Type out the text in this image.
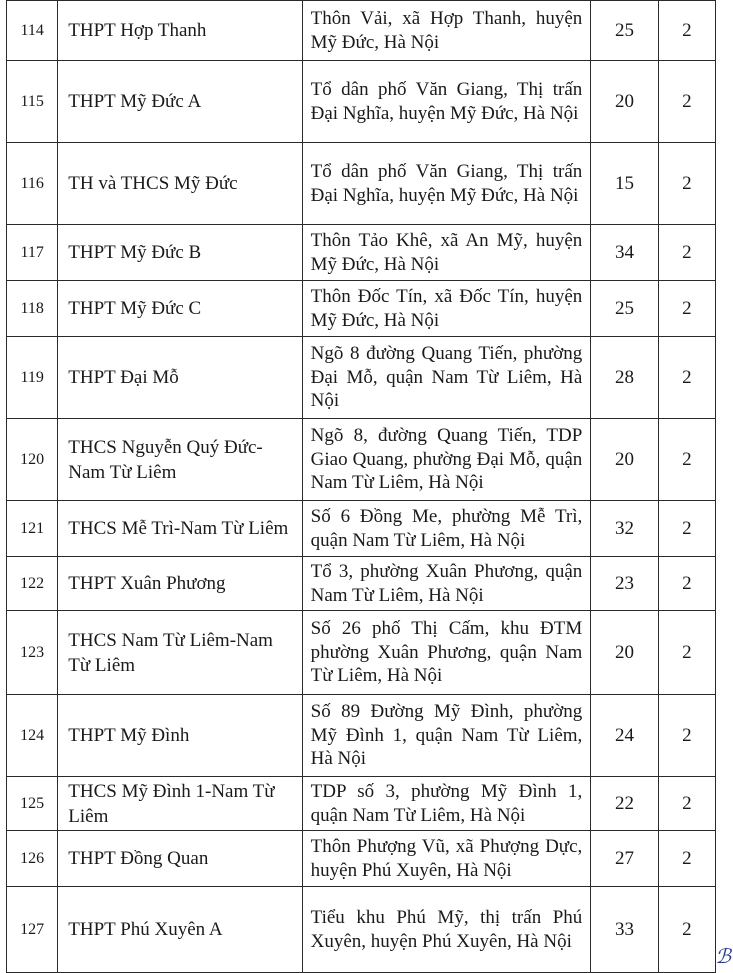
114	THPT Hợp Thanh	Thôn Vải, xã Hợp Thanh, huyện Mỹ Đức, Hà Nội	25	2
115	THPT Mỹ Đức A	Tổ dân phố Văn Giang, Thị trấn Đại Nghĩa, huyện Mỹ Đức, Hà Nội	20	2
116	TH và THCS Mỹ Đức	Tổ dân phố Văn Giang, Thị trấn Đại Nghĩa, huyện Mỹ Đức, Hà Nội	15	2
117	THPT Mỹ Đức B	Thôn Tảo Khê, xã An Mỹ, huyện Mỹ Đức, Hà Nội	34	2
118	THPT Mỹ Đức C	Thôn Đốc Tín, xã Đốc Tín, huyện Mỹ Đức, Hà Nội	25	2
119	THPT Đại Mỗ	Ngõ 8 đường Quang Tiến, phường Đại Mỗ, quận Nam Từ Liêm, Hà Nội	28	2
120	THCS Nguyễn Quý Đức-Nam Từ Liêm	Ngõ 8, đường Quang Tiến, TDP Giao Quang, phường Đại Mỗ, quận Nam Từ Liêm, Hà Nội	20	2
121	THCS Mễ Trì-Nam Từ Liêm	Số 6 Đồng Me, phường Mễ Trì, quận Nam Từ Liêm, Hà Nội	32	2
122	THPT Xuân Phương	Tổ 3, phường Xuân Phương, quận Nam Từ Liêm, Hà Nội	23	2
123	THCS Nam Từ Liêm-Nam Từ Liêm	Số 26 phố Thị Cấm, khu ĐTM phường Xuân Phương, quận Nam Từ Liêm, Hà Nội	20	2
124	THPT Mỹ Đình	Số 89 Đường Mỹ Đình, phường Mỹ Đình 1, quận Nam Từ Liêm, Hà Nội	24	2
125	THCS Mỹ Đình 1-Nam Từ Liêm	TDP số 3, phường Mỹ Đình 1, quận Nam Từ Liêm, Hà Nội	22	2
126	THPT Đồng Quan	Thôn Phượng Vũ, xã Phượng Dực, huyện Phú Xuyên, Hà Nội	27	2
127	THPT Phú Xuyên A	Tiểu khu Phú Mỹ, thị trấn Phú Xuyên, huyện Phú Xuyên, Hà Nội	33	2
ℬ
